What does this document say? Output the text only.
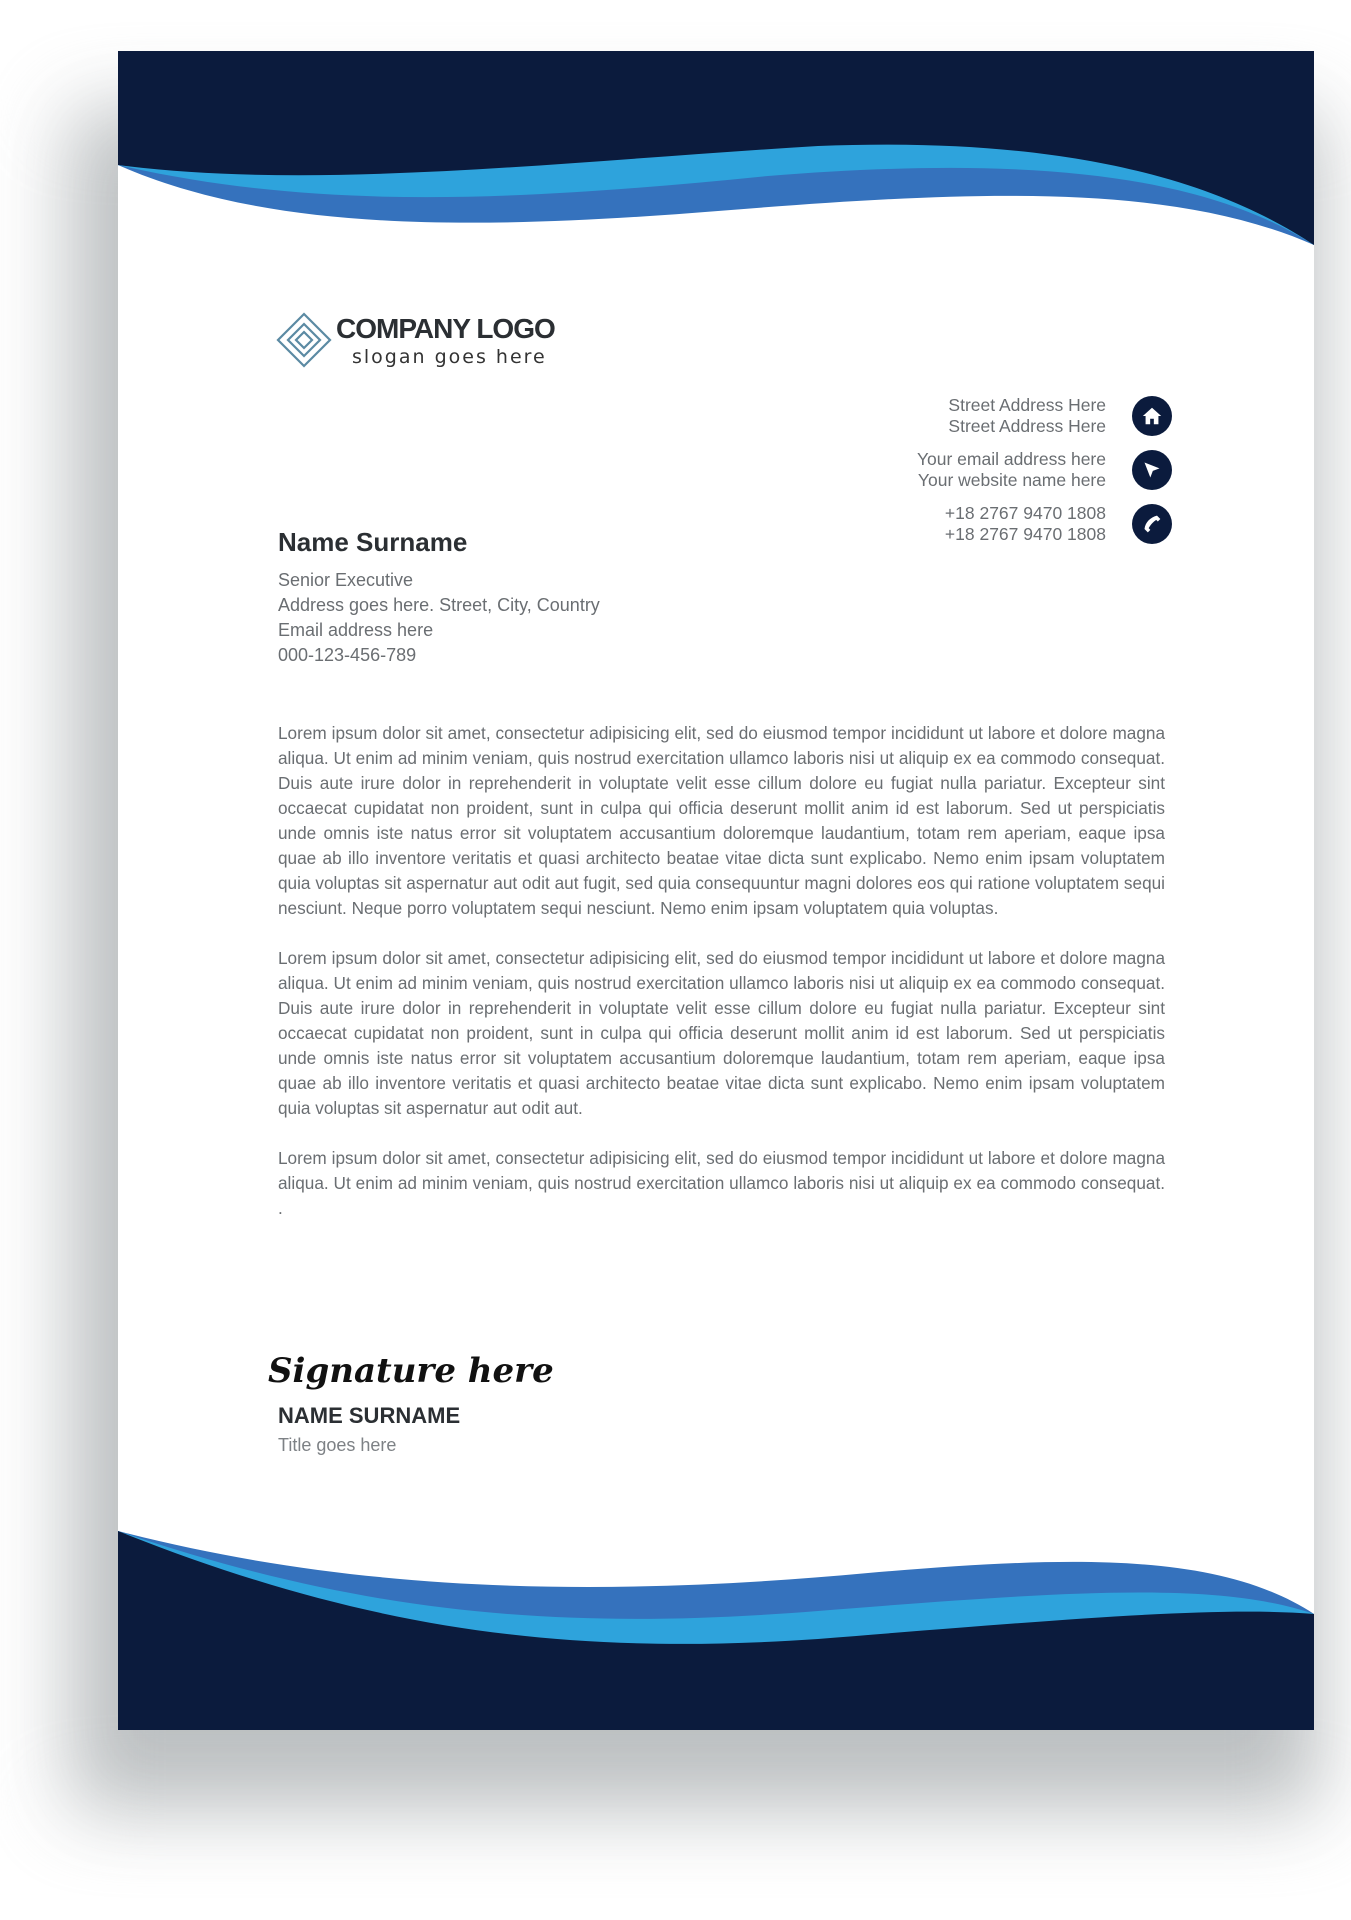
COMPANY LOGO
slogan goes here
Street Address Here
Street Address Here
Your email address here
Your website name here
+18 2767 9470 1808
+18 2767 9470 1808
Name Surname
Senior Executive
Address goes here. Street, City, Country
Email address here
000-123-456-789

Lorem ipsum dolor sit amet, consectetur adipisicing elit, sed do eiusmod tempor incididunt ut labore et dolore magna aliqua. Ut enim ad minim veniam, quis nostrud exercitation ullamco laboris nisi ut aliquip ex ea commodo consequat. Duis aute irure dolor in reprehenderit in voluptate velit esse cillum dolore eu fugiat nulla pariatur. Excepteur sint occaecat cupidatat non proident, sunt in culpa qui officia deserunt mollit anim id est laborum. Sed ut perspiciatis unde omnis iste natus error sit voluptatem accusantium doloremque laudantium, totam rem aperiam, eaque ipsa quae ab illo inventore veritatis et quasi architecto beatae vitae dicta sunt explicabo. Nemo enim ipsam voluptatem quia voluptas sit aspernatur aut odit aut fugit, sed quia consequuntur magni dolores eos qui ratione voluptatem sequi nesciunt. Neque porro voluptatem sequi nesciunt. Nemo enim ipsam voluptatem quia voluptas.

Lorem ipsum dolor sit amet, consectetur adipisicing elit, sed do eiusmod tempor incididunt ut labore et dolore magna aliqua. Ut enim ad minim veniam, quis nostrud exercitation ullamco laboris nisi ut aliquip ex ea commodo consequat. Duis aute irure dolor in reprehenderit in voluptate velit esse cillum dolore eu fugiat nulla pariatur. Excepteur sint occaecat cupidatat non proident, sunt in culpa qui officia deserunt mollit anim id est laborum. Sed ut perspiciatis unde omnis iste natus error sit voluptatem accusantium doloremque laudantium, totam rem aperiam, eaque ipsa quae ab illo inventore veritatis et quasi architecto beatae vitae dicta sunt explicabo. Nemo enim ipsam voluptatem quia voluptas sit aspernatur aut odit aut.

Lorem ipsum dolor sit amet, consectetur adipisicing elit, sed do eiusmod tempor incididunt ut labore et dolore magna aliqua. Ut enim ad minim veniam, quis nostrud exercitation ullamco laboris nisi ut aliquip ex ea commodo consequat. .

Signature here
NAME SURNAME
Title goes here
